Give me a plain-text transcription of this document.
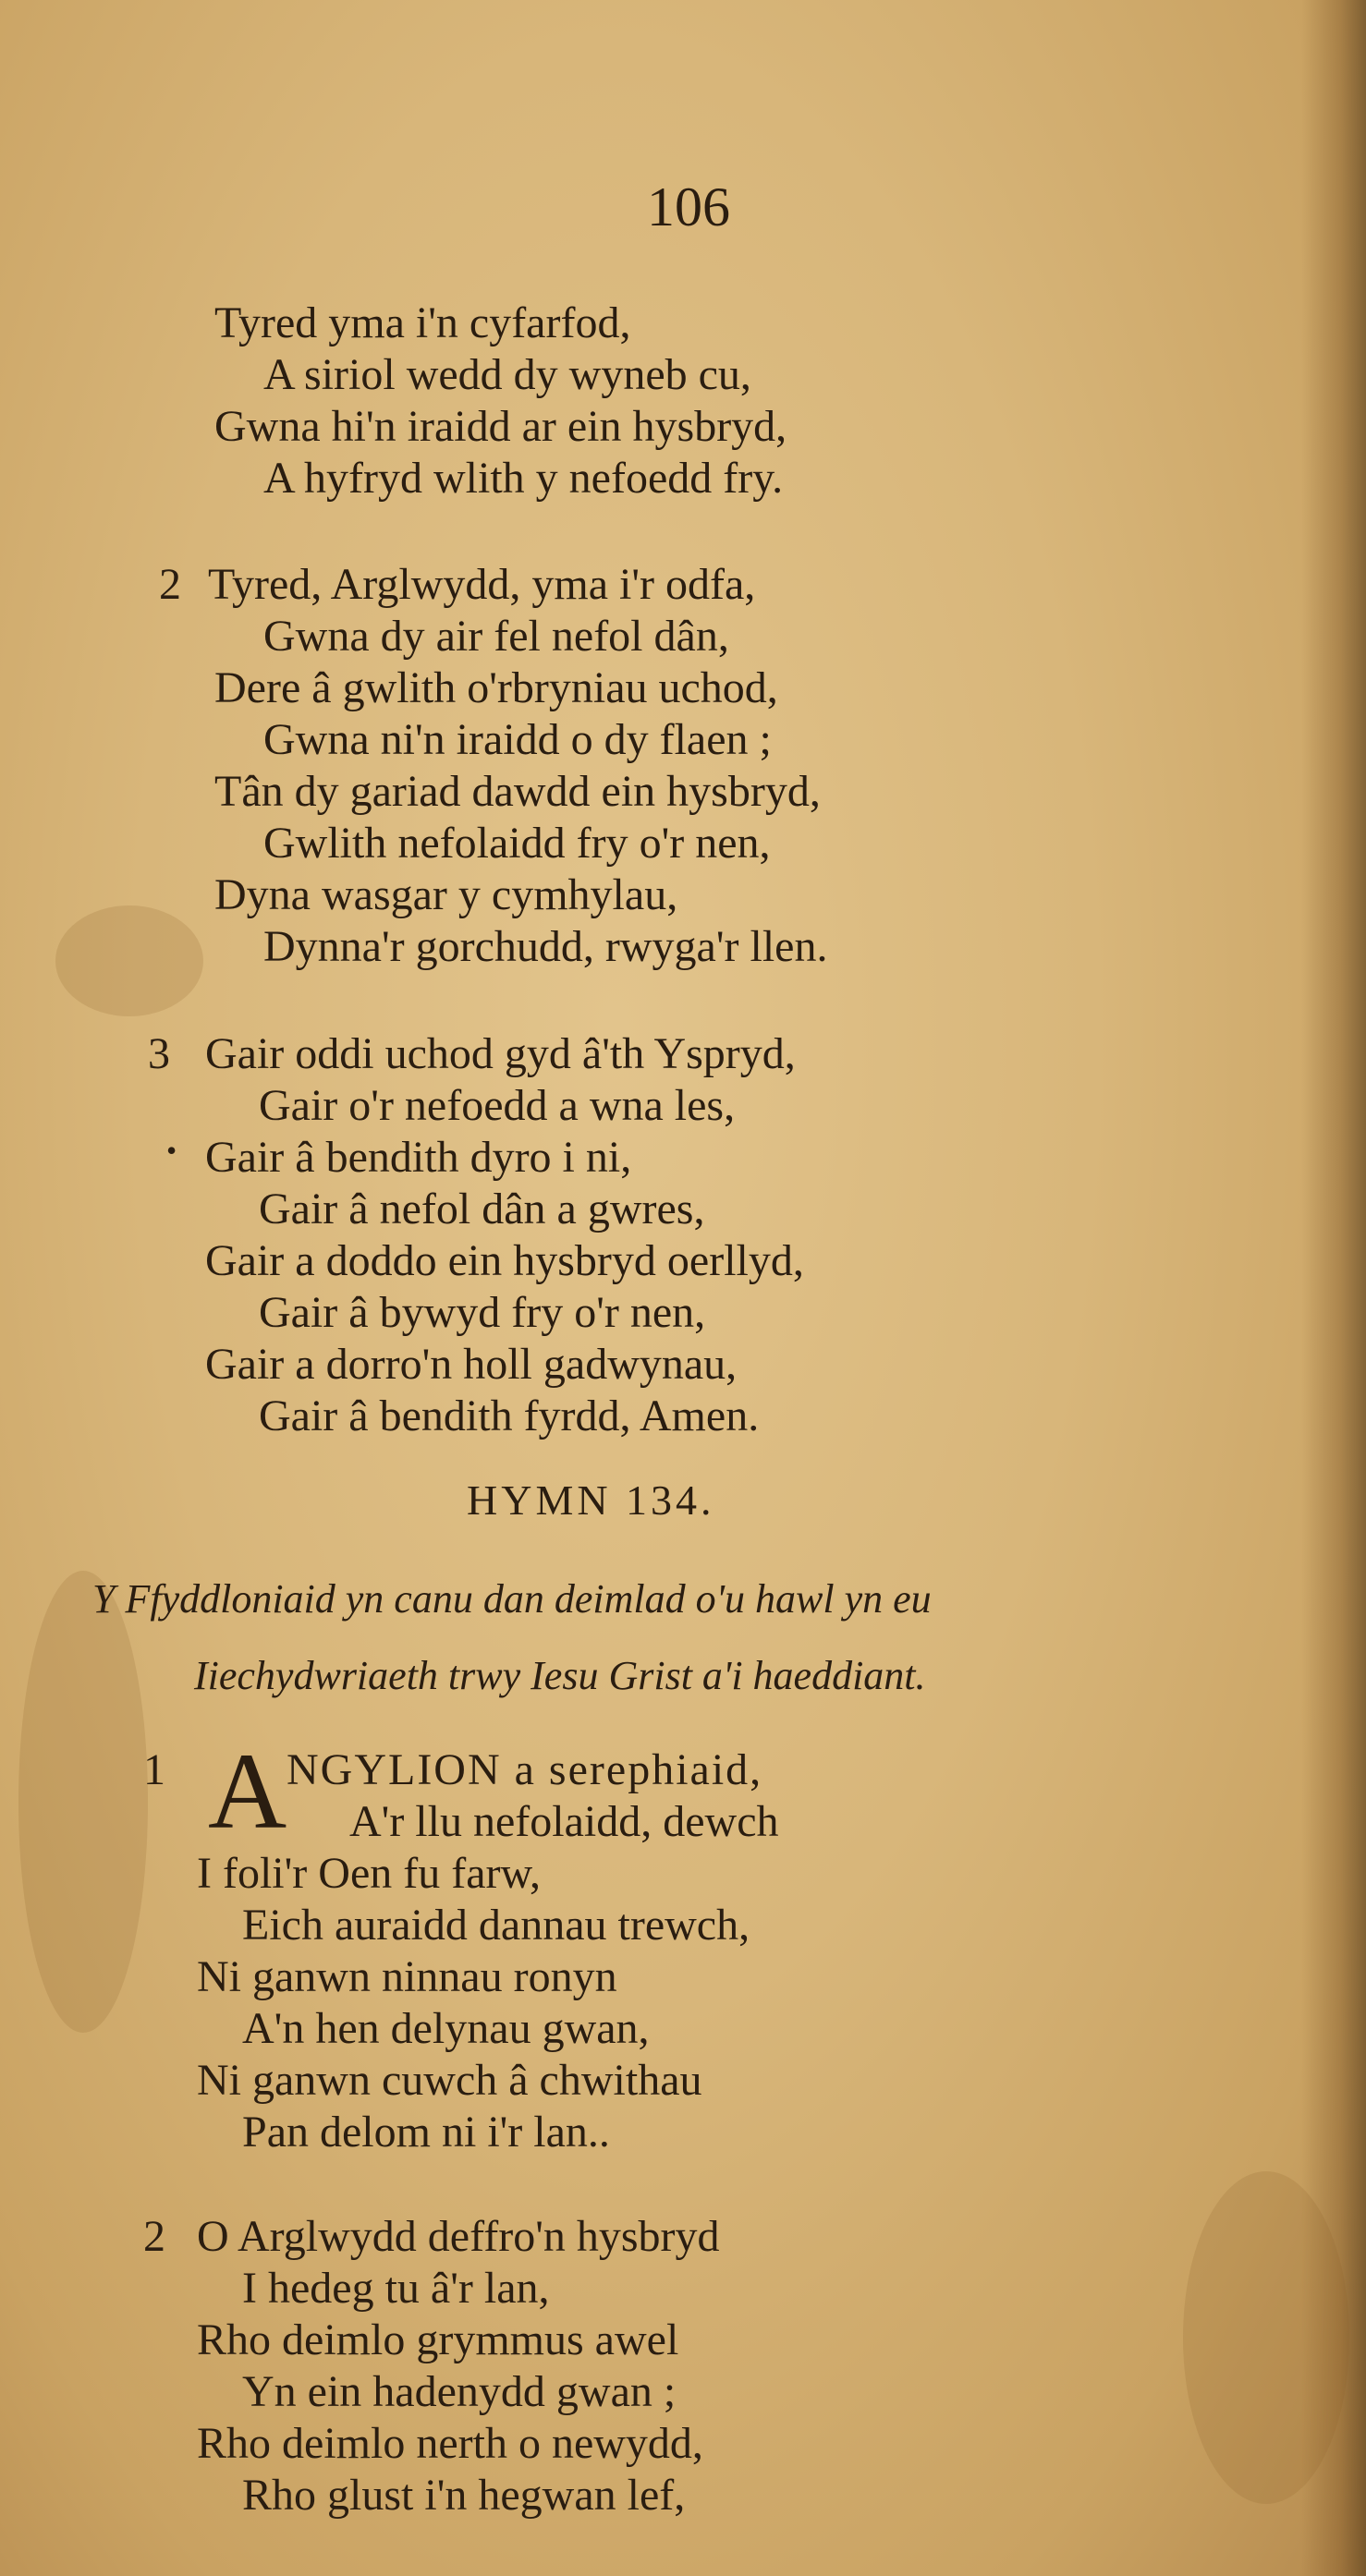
106
Tyred yma i'n cyfarfod,
A siriol wedd dy wyneb cu,
Gwna hi'n iraidd ar ein hysbryd,
A hyfryd wlith y nefoedd fry.
2 Tyred, Arglwydd, yma i'r odfa,
Gwna dy air fel nefol dân,
Dere â gwlith o'rbryniau uchod,
Gwna ni'n iraidd o dy flaen ;
Tân dy gariad dawdd ein hysbryd,
Gwlith nefolaidd fry o'r nen,
Dyna wasgar y cymhylau,
Dynna'r gorchudd, rwyga'r llen.
3 Gair oddi uchod gyd â'th Yspryd,
Gair o'r nefoedd a wna les,
• Gair â bendith dyro i ni,
Gair â nefol dân a gwres,
Gair a doddo ein hysbryd oerllyd,
Gair â bywyd fry o'r nen,
Gair a dorro'n holl gadwynau,
Gair â bendith fyrdd, Amen.
HYMN 134.
Y Ffyddloniaid yn canu dan deimlad o'u hawl yn eu
Iiechydwriaeth trwy Iesu Grist a'i haeddiant.
1 A NGYLION a serephiaid,
A'r llu nefolaidd, dewch
I foli'r Oen fu farw,
Eich auraidd dannau trewch,
Ni ganwn ninnau ronyn
A'n hen delynau gwan,
Ni ganwn cuwch â chwithau
Pan delom ni i'r lan..
2 O Arglwydd deffro'n hysbryd
I hedeg tu â'r lan,
Rho deimlo grymmus awel
Yn ein hadenydd gwan ;
Rho deimlo nerth o newydd,
Rho glust i'n hegwan lef,
